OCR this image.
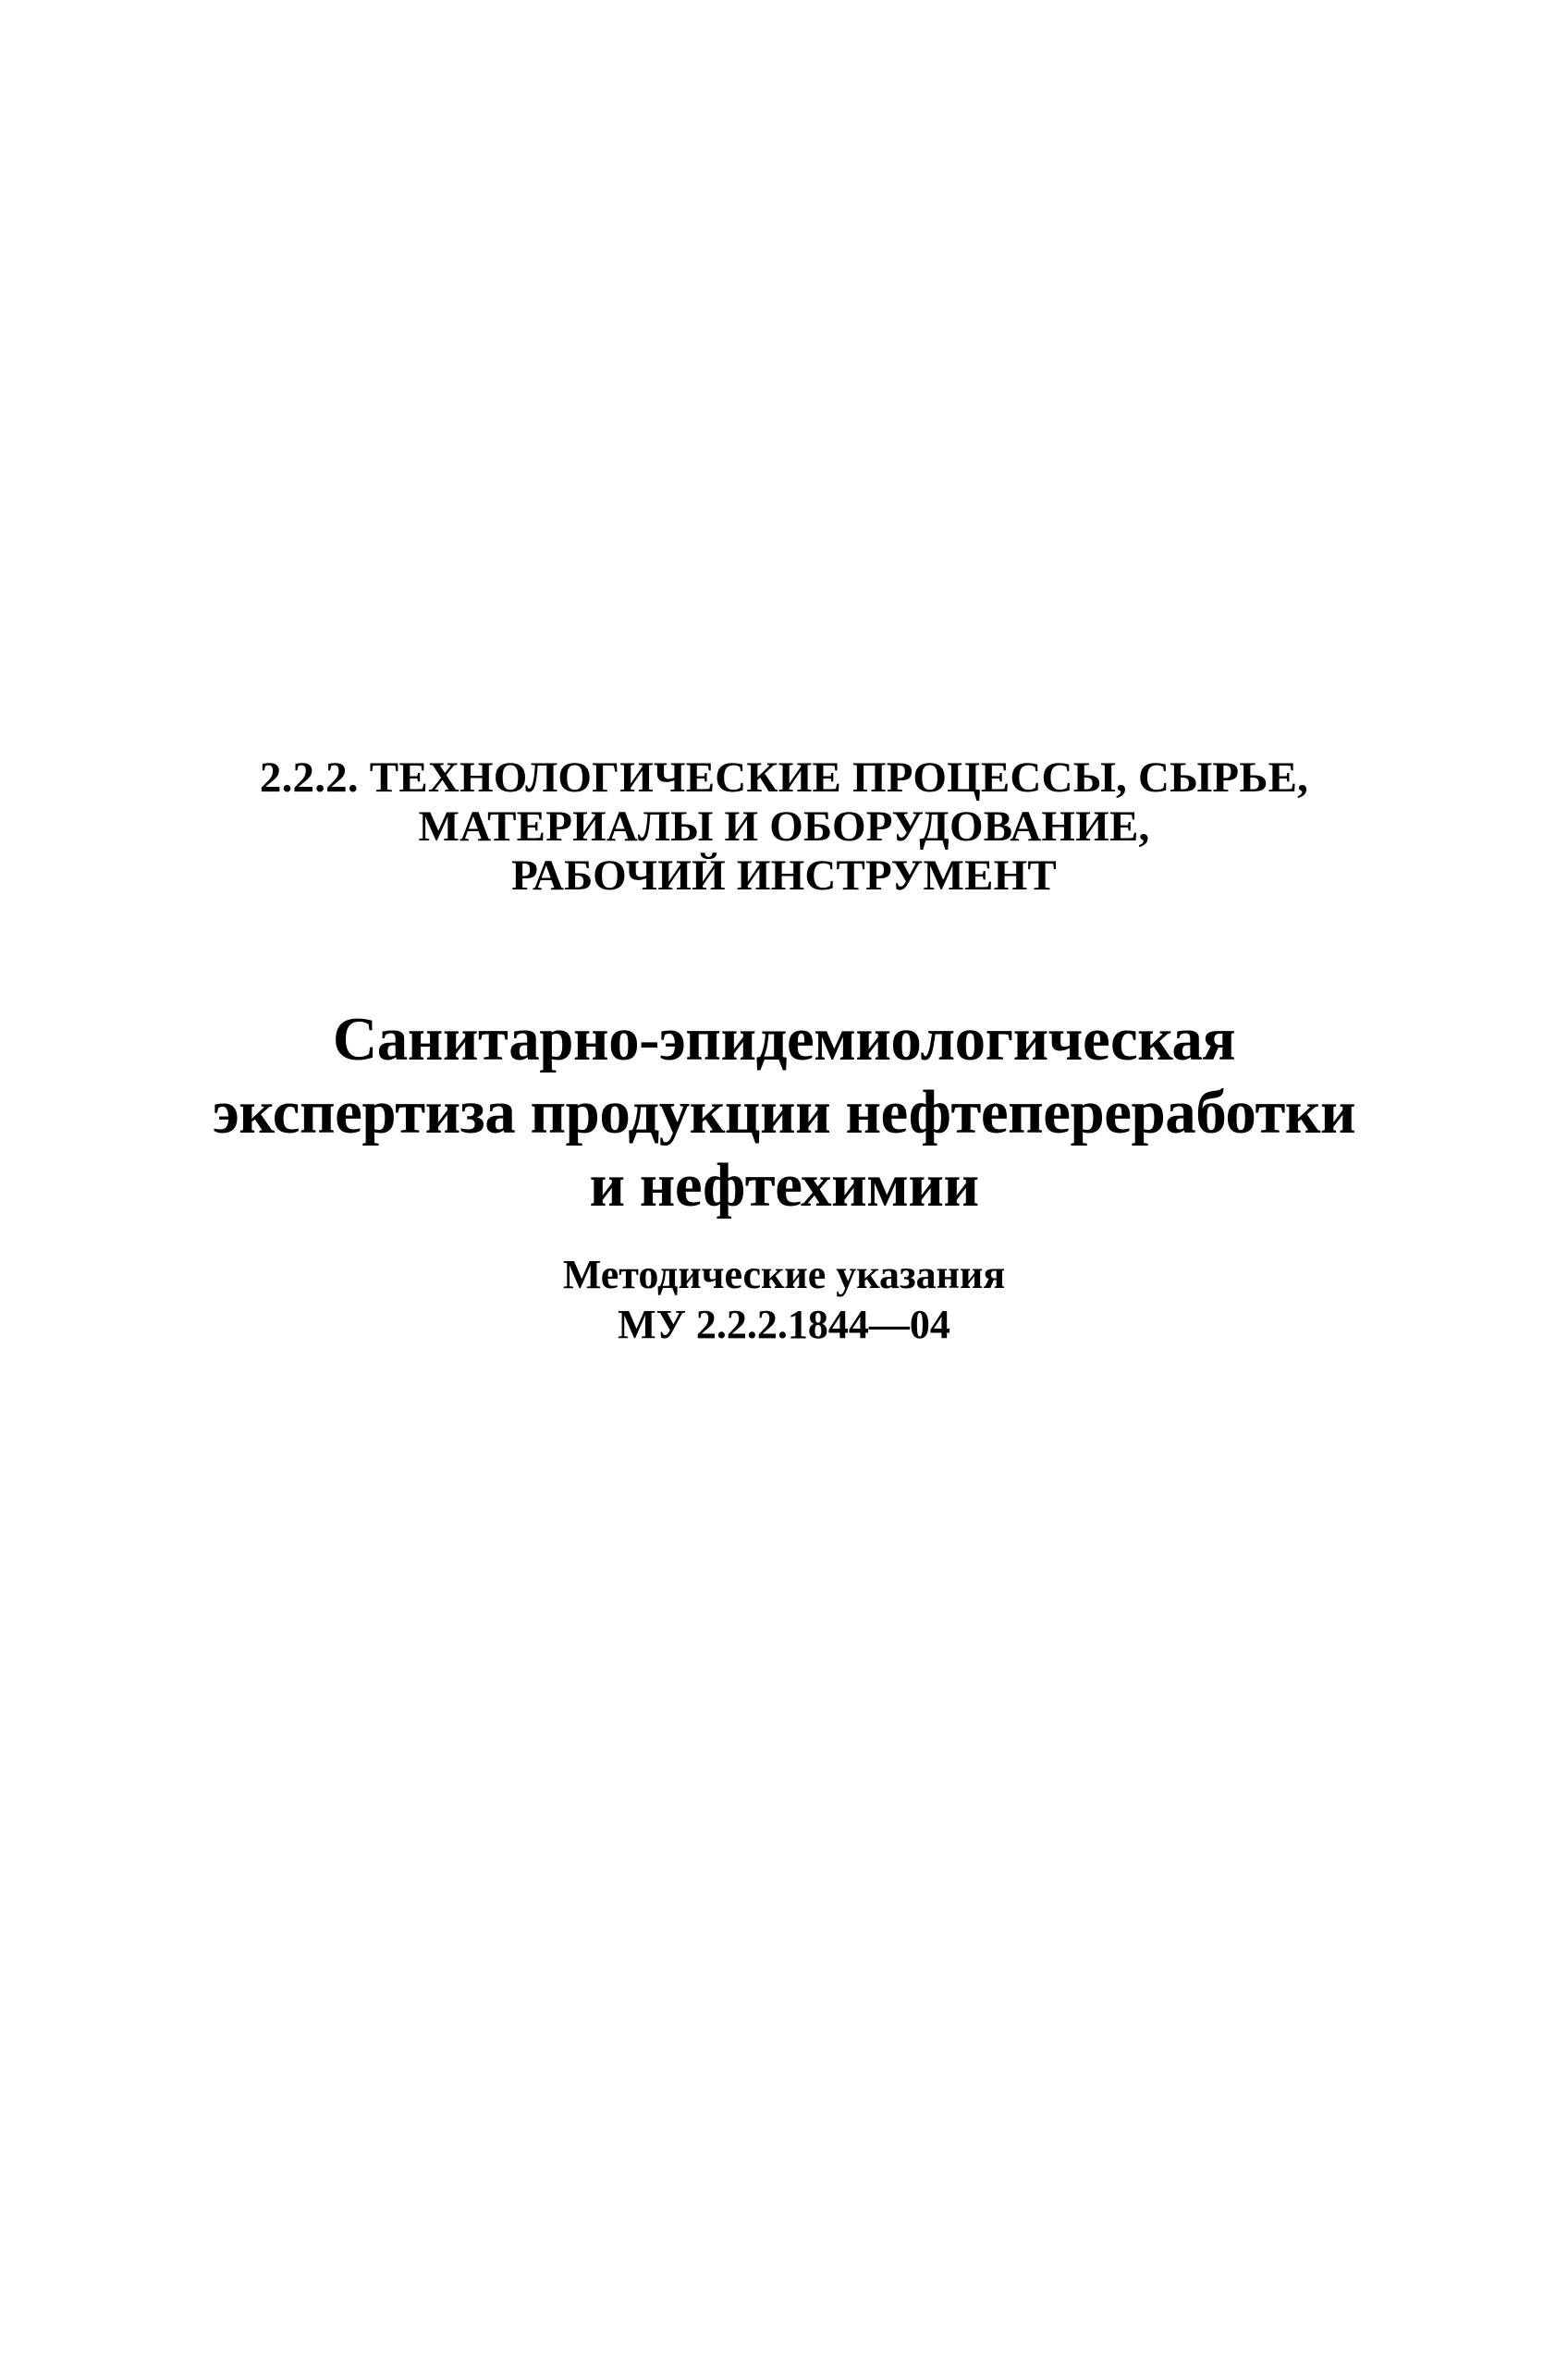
2.2.2. ТЕХНОЛОГИЧЕСКИЕ ПРОЦЕССЫ, СЫРЬЕ,
МАТЕРИАЛЫ И ОБОРУДОВАНИЕ,
РАБОЧИЙ ИНСТРУМЕНТ
Санитарно-эпидемиологическая
экспертиза продукции нефтепереработки
и нефтехимии
Методические указания
МУ 2.2.2.1844—04
